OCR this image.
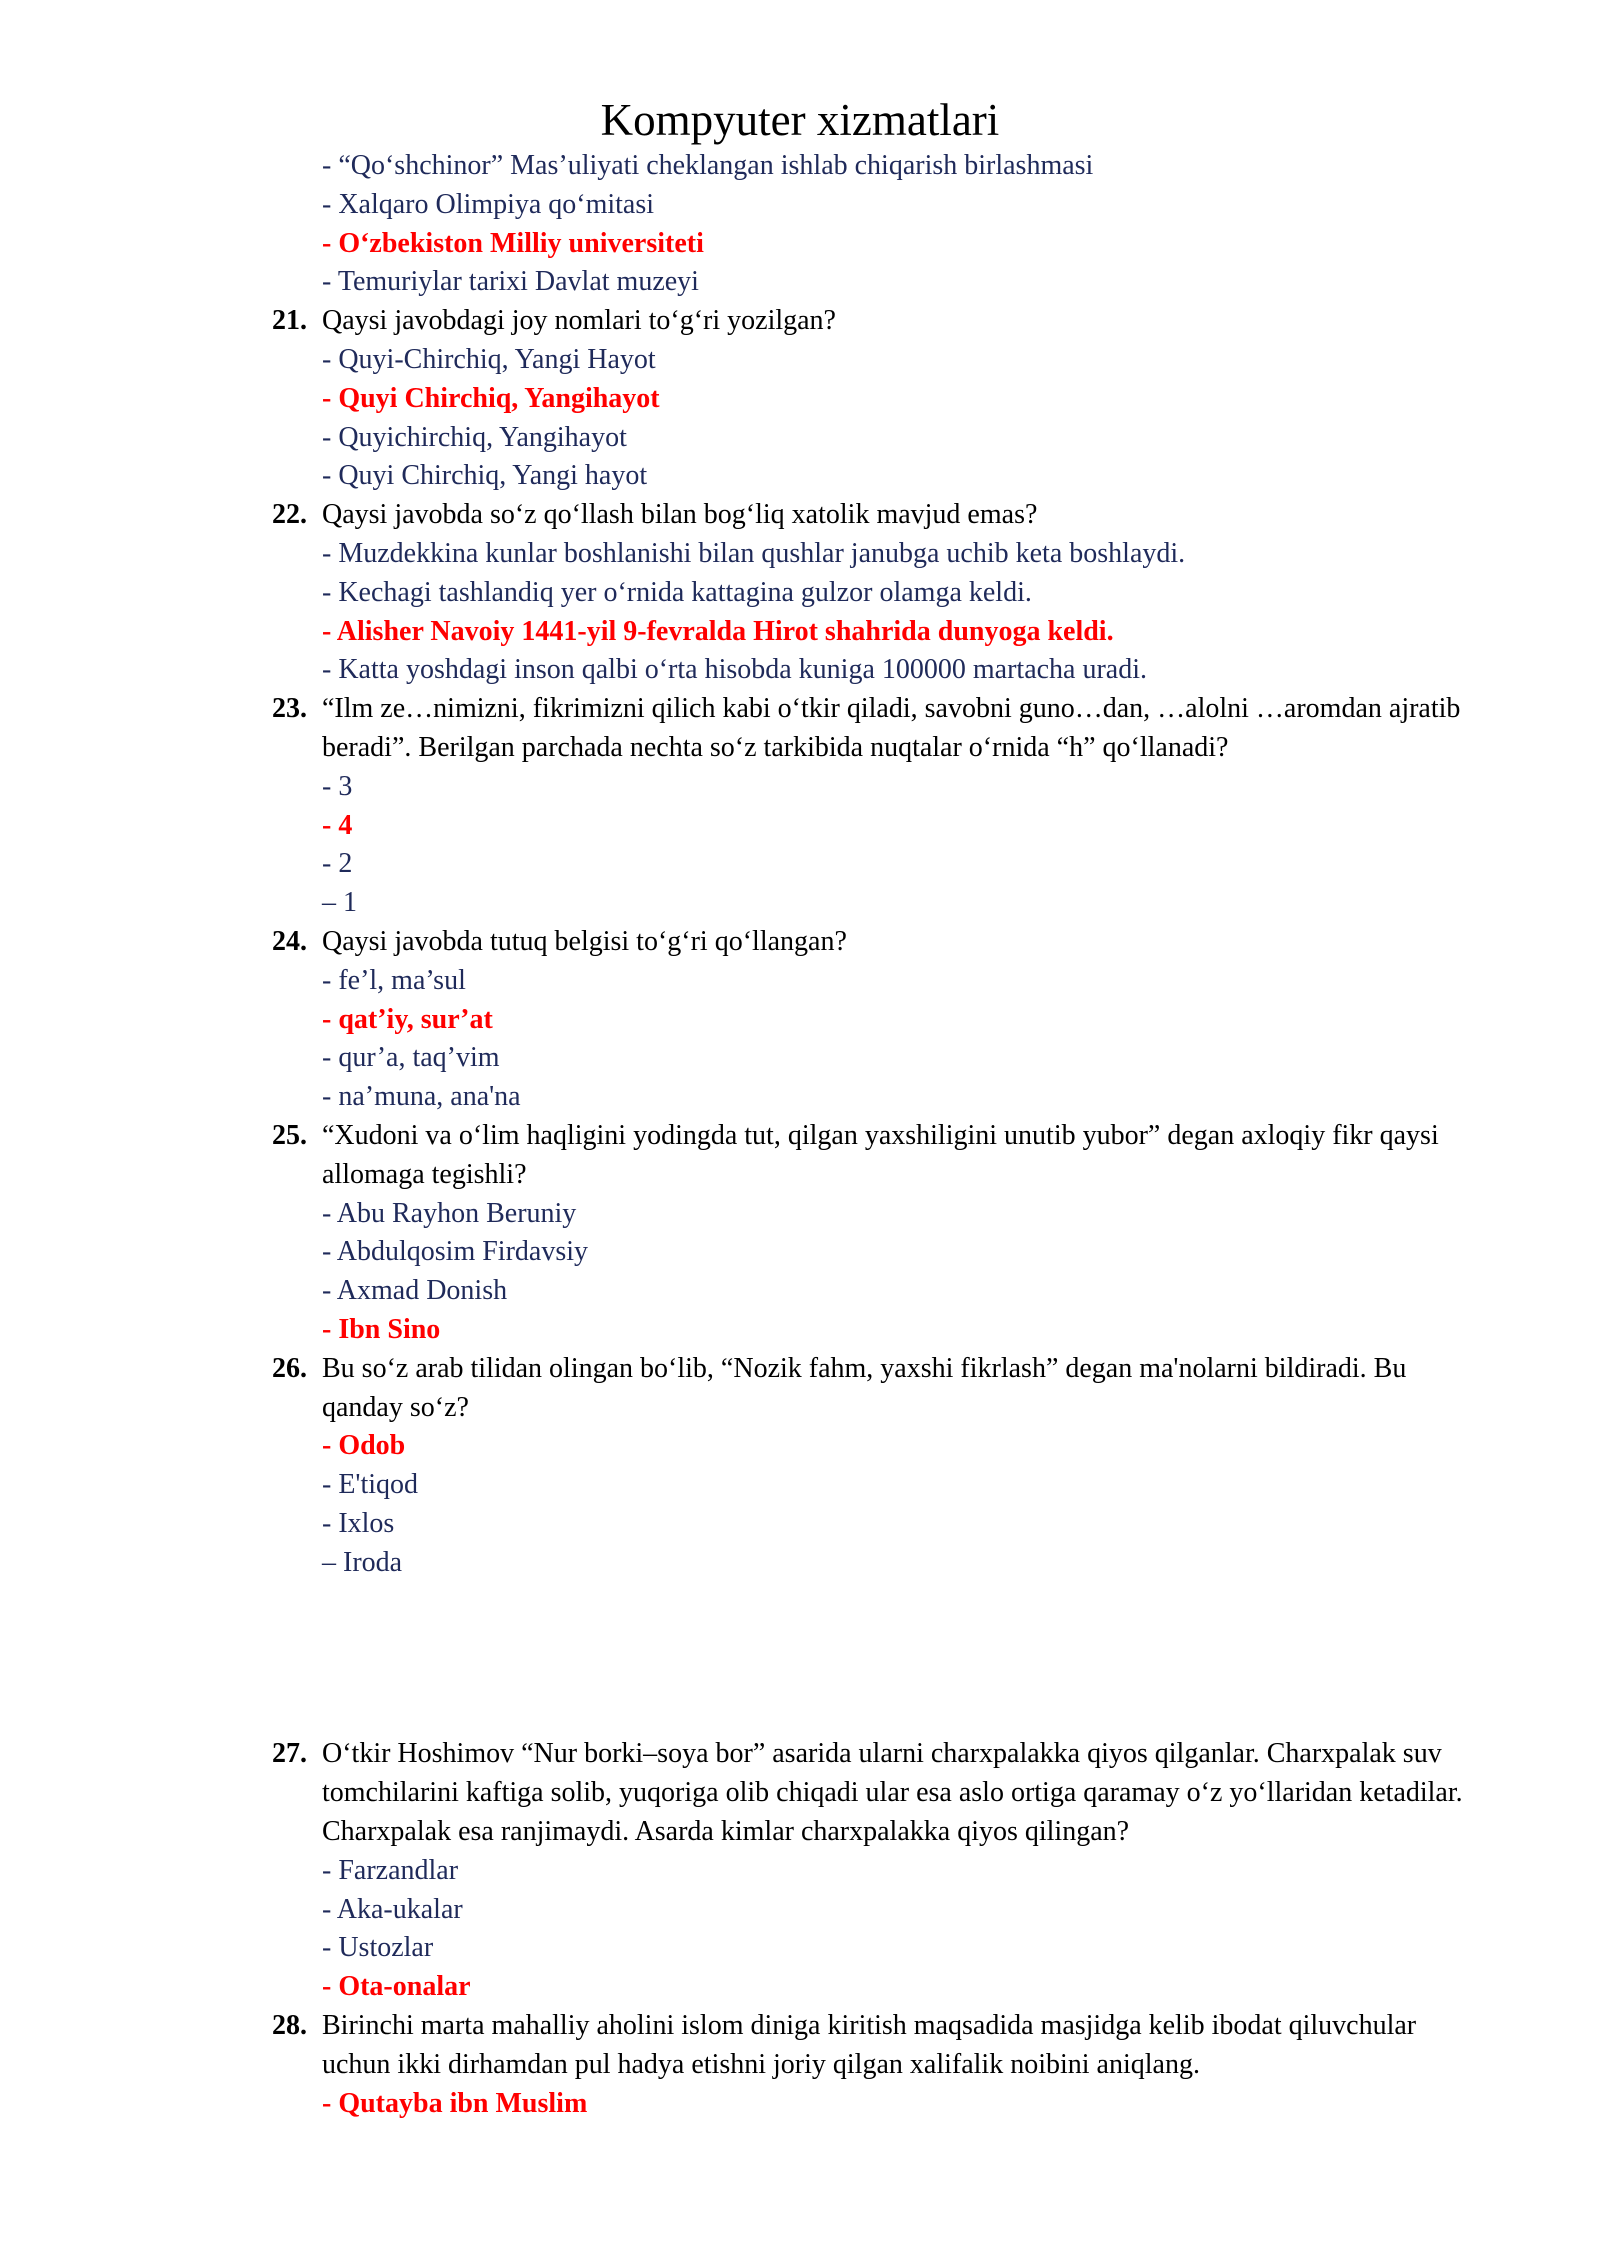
Kompyuter xizmatlari
- “Qo‘shchinor” Mas’uliyati cheklangan ishlab chiqarish birlashmasi
- Xalqaro Olimpiya qo‘mitasi
- O‘zbekiston Milliy universiteti
- Temuriylar tarixi Davlat muzeyi
21. Qaysi javobdagi joy nomlari to‘g‘ri yozilgan?
- Quyi-Chirchiq, Yangi Hayot
- Quyi Chirchiq, Yangihayot
- Quyichirchiq, Yangihayot
- Quyi Chirchiq, Yangi hayot
22. Qaysi javobda so‘z qo‘llash bilan bog‘liq xatolik mavjud emas?
- Muzdekkina kunlar boshlanishi bilan qushlar janubga uchib keta boshlaydi.
- Kechagi tashlandiq yer o‘rnida kattagina gulzor olamga keldi.
- Alisher Navoiy 1441-yil 9-fevralda Hirot shahrida dunyoga keldi.
- Katta yoshdagi inson qalbi o‘rta hisobda kuniga 100000 martacha uradi.
23. “Ilm ze…nimizni, fikrimizni qilich kabi o‘tkir qiladi, savobni guno…dan, …alolni …aromdan ajratib beradi”. Berilgan parchada nechta so‘z tarkibida nuqtalar o‘rnida “h” qo‘llanadi?
- 3
- 4
- 2
– 1
24. Qaysi javobda tutuq belgisi to‘g‘ri qo‘llangan?
- fe’l, ma’sul
- qat’iy, sur’at
- qur’a, taq’vim
- na’muna, ana'na
25. “Xudoni va o‘lim haqligini yodingda tut, qilgan yaxshiligini unutib yubor” degan axloqiy fikr qaysi allomaga tegishli?
- Abu Rayhon Beruniy
- Abdulqosim Firdavsiy
- Axmad Donish
- Ibn Sino
26. Bu so‘z arab tilidan olingan bo‘lib, “Nozik fahm, yaxshi fikrlash” degan ma'nolarni bildiradi. Bu qanday so‘z?
- Odob
- E'tiqod
- Ixlos
– Iroda
27. O‘tkir Hoshimov “Nur borki–soya bor” asarida ularni charxpalakka qiyos qilganlar. Charxpalak suv tomchilarini kaftiga solib, yuqoriga olib chiqadi ular esa aslo ortiga qaramay o‘z yo‘llaridan ketadilar. Charxpalak esa ranjimaydi. Asarda kimlar charxpalakka qiyos qilingan?
- Farzandlar
- Aka-ukalar
- Ustozlar
- Ota-onalar
28. Birinchi marta mahalliy aholini islom diniga kiritish maqsadida masjidga kelib ibodat qiluvchular uchun ikki dirhamdan pul hadya etishni joriy qilgan xalifalik noibini aniqlang.
- Qutayba ibn Muslim
